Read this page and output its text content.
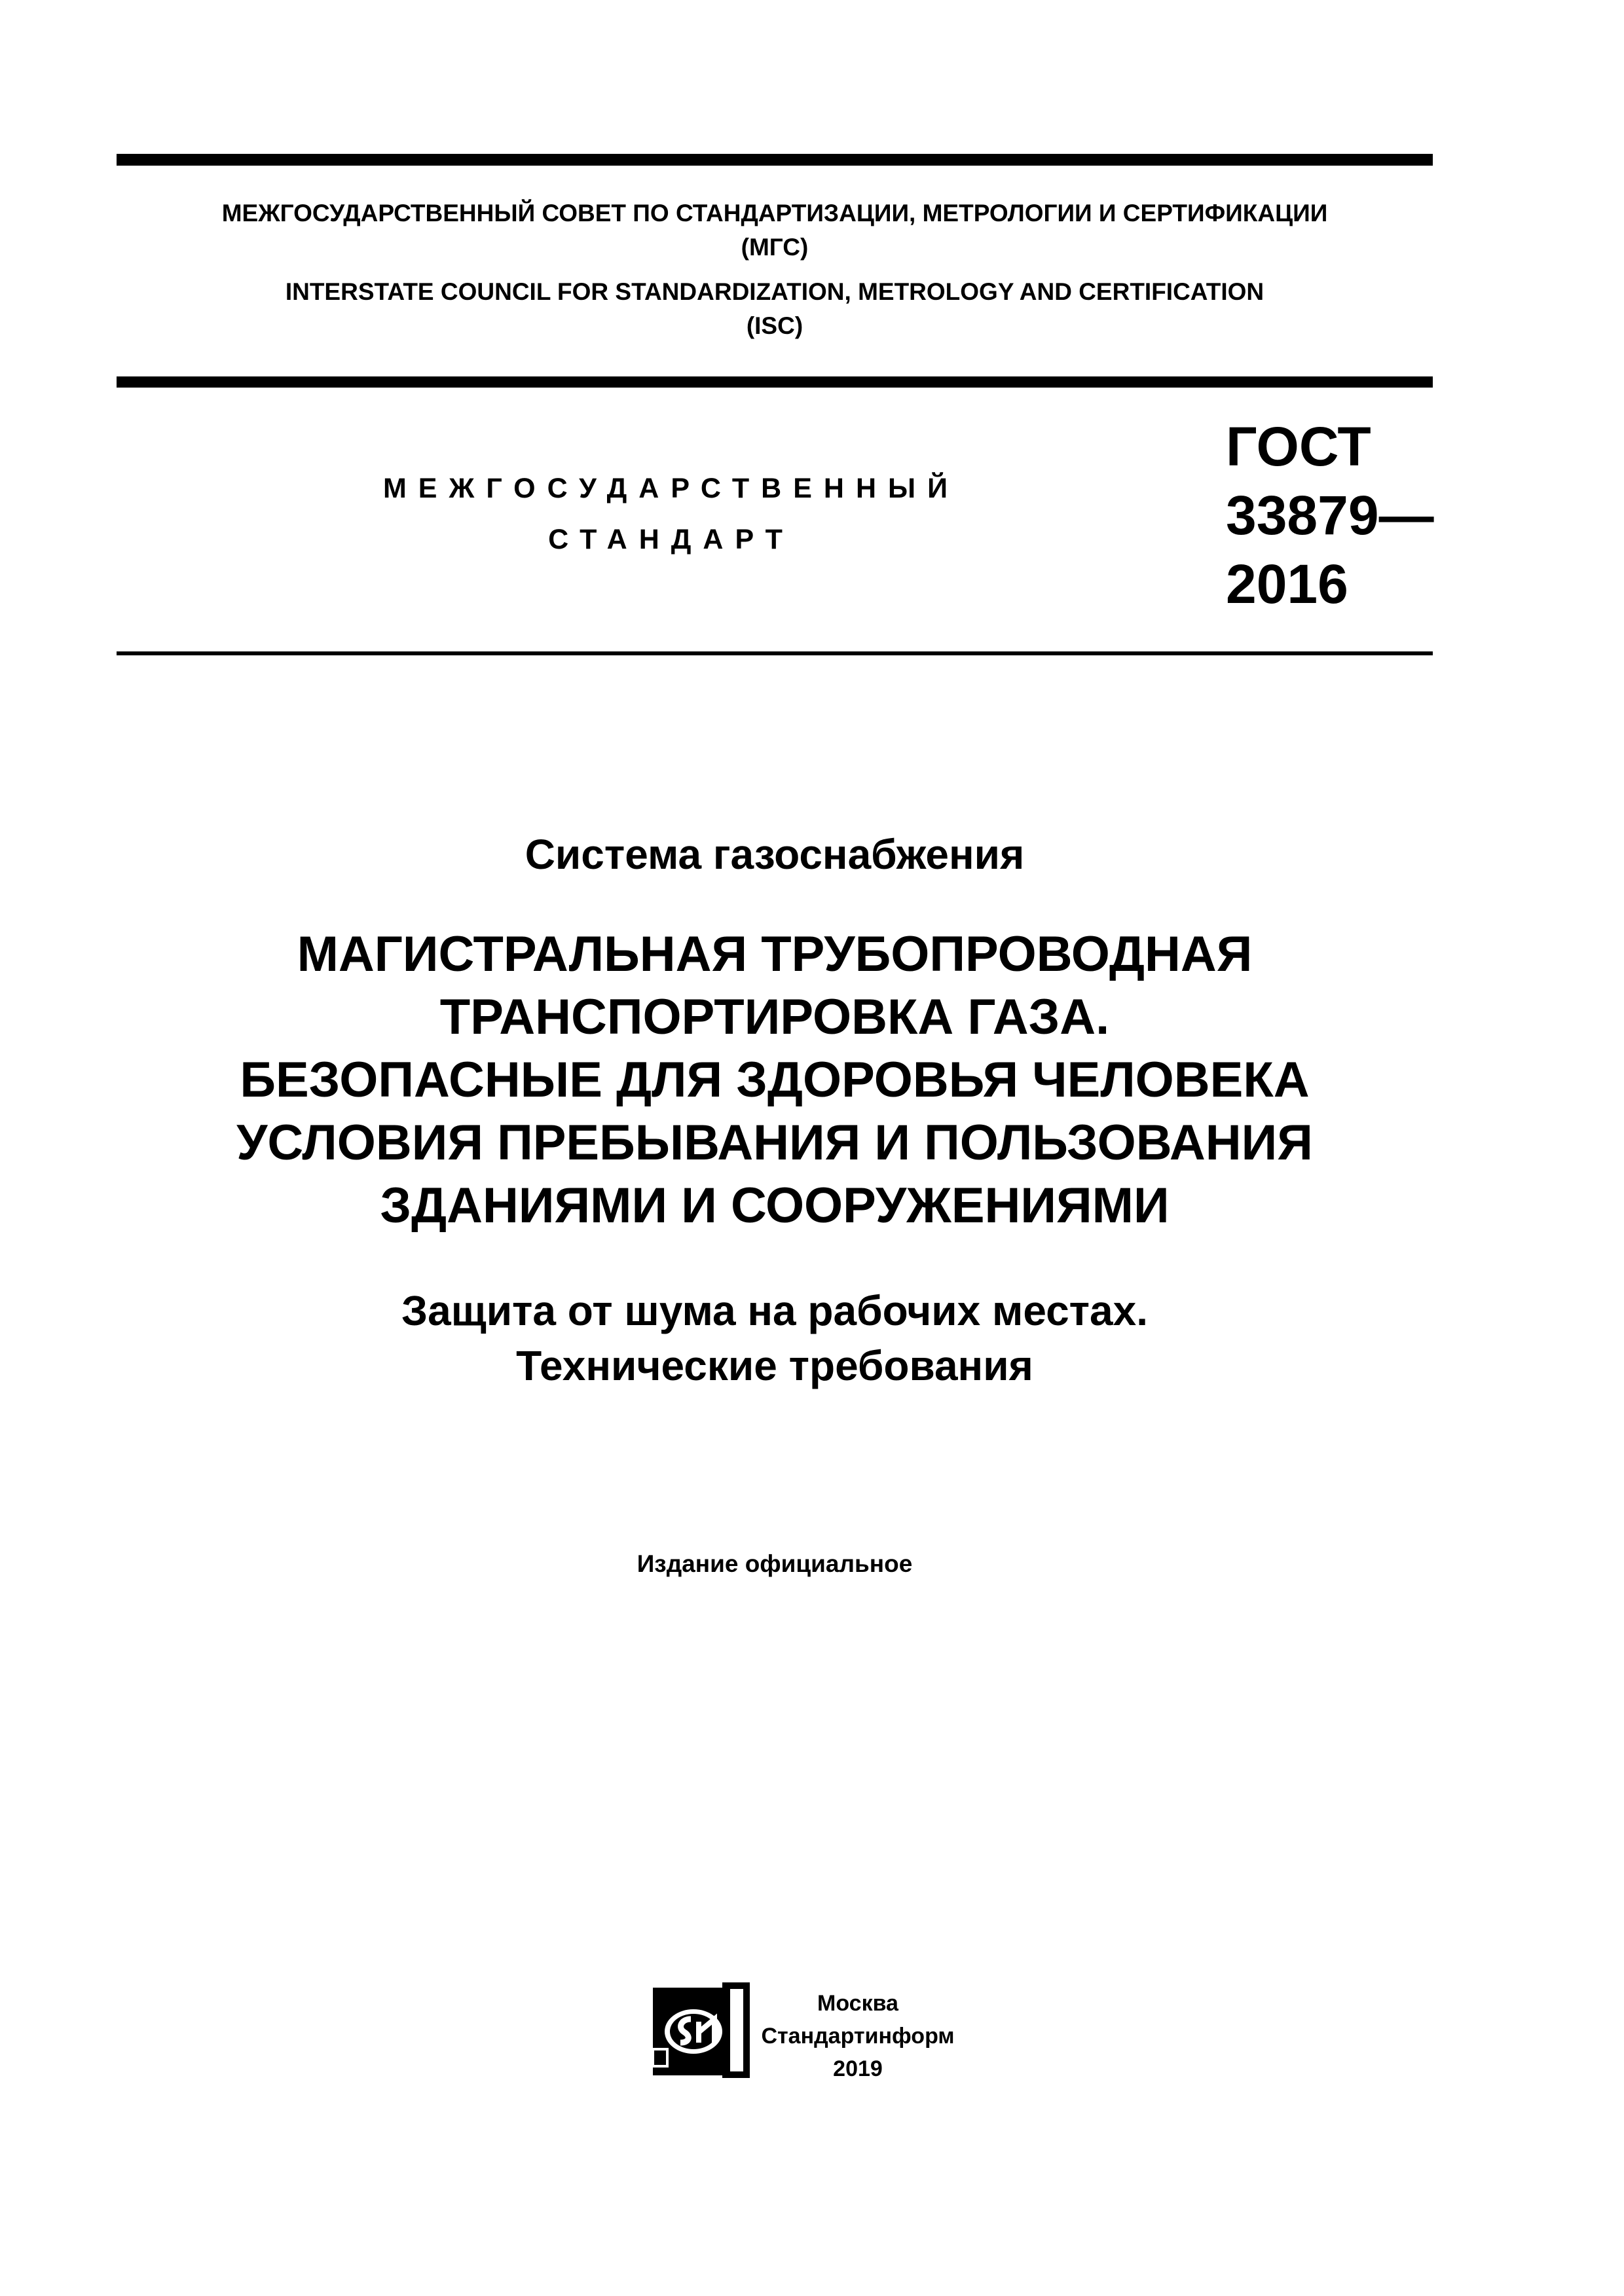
МЕЖГОСУДАРСТВЕННЫЙ СОВЕТ ПО СТАНДАРТИЗАЦИИ, МЕТРОЛОГИИ И СЕРТИФИКАЦИИ
(МГС)
INTERSTATE COUNCIL FOR STANDARDIZATION, METROLOGY AND CERTIFICATION
(ISC)
МЕЖГОСУДАРСТВЕННЫЙ
СТАНДАРТ
ГОСТ
33879—
2016
Система газоснабжения
МАГИСТРАЛЬНАЯ ТРУБОПРОВОДНАЯ
ТРАНСПОРТИРОВКА ГАЗА.
БЕЗОПАСНЫЕ ДЛЯ ЗДОРОВЬЯ ЧЕЛОВЕКА
УСЛОВИЯ ПРЕБЫВАНИЯ И ПОЛЬЗОВАНИЯ
ЗДАНИЯМИ И СООРУЖЕНИЯМИ
Защита от шума на рабочих местах.
Технические требования
Издание официальное
Москва
Стандартинформ
2019
